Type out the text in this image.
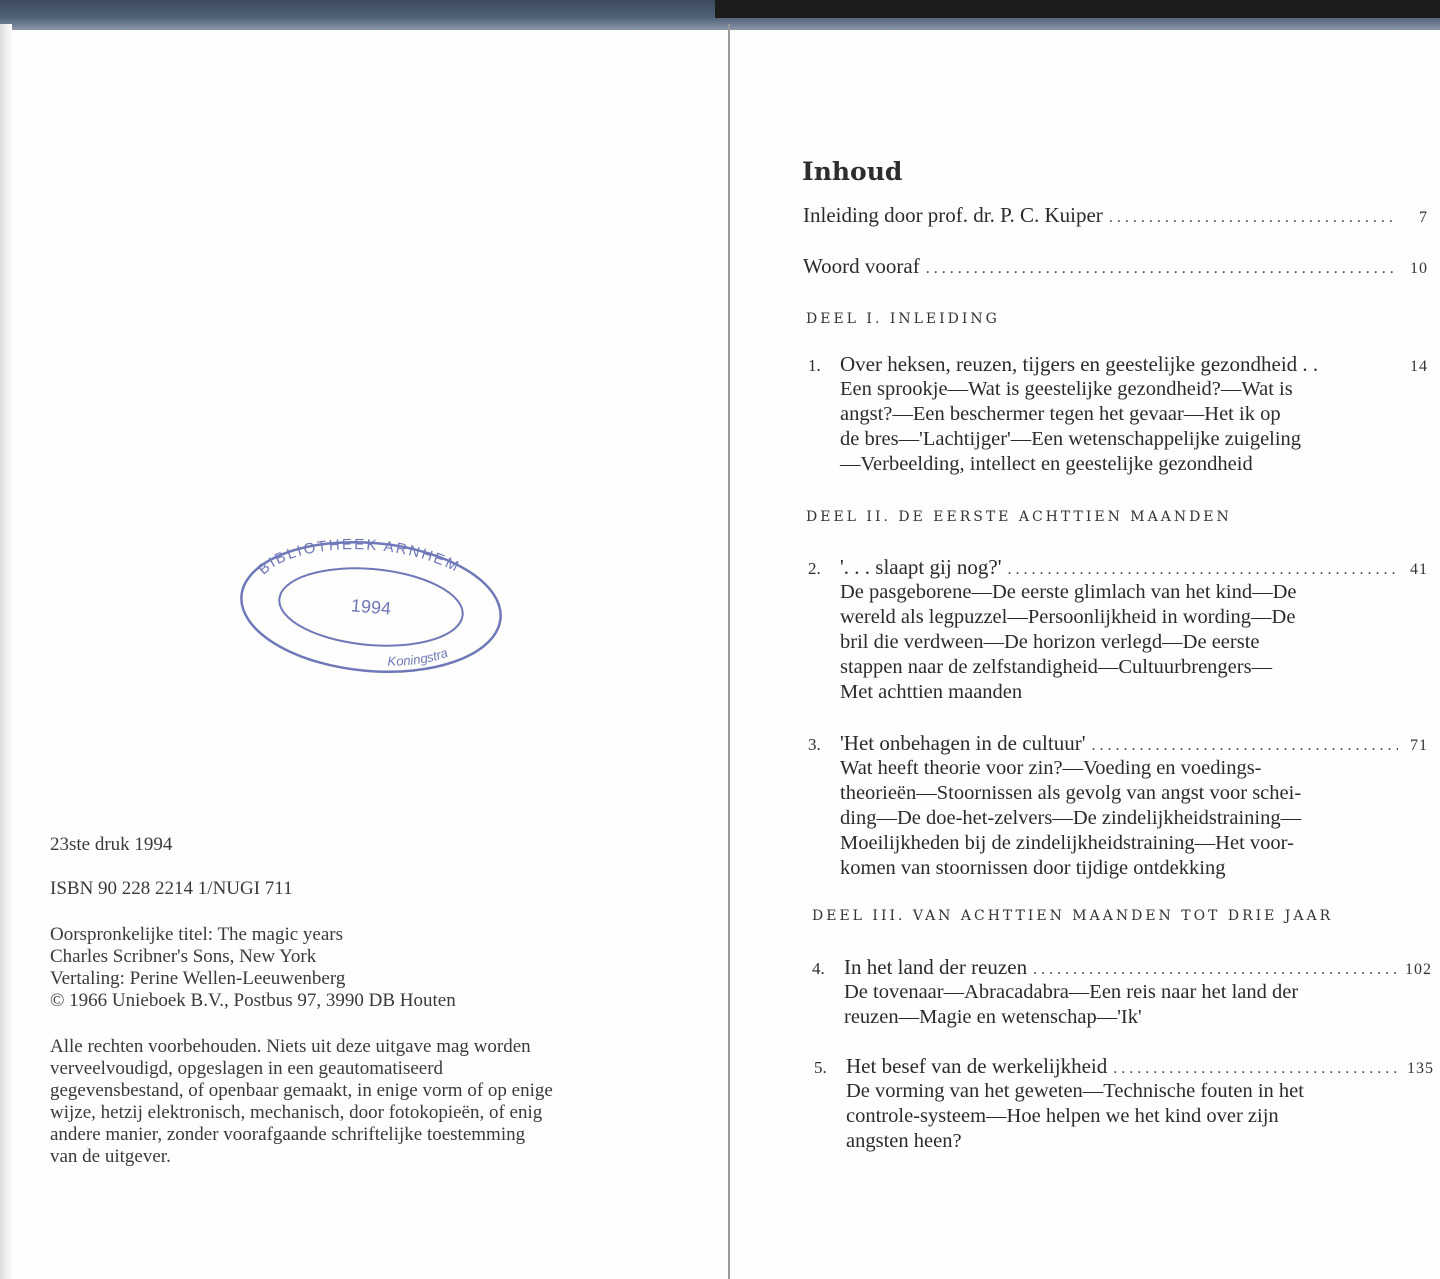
BIBLIOTHEEK ARNHEM
1994
Koningstraat
23ste druk 1994
ISBN 90 228 2214 1/NUGI 711
Oorspronkelijke titel: The magic years
Charles Scribner's Sons, New York
Vertaling: Perine Wellen-Leeuwenberg
© 1966 Unieboek B.V., Postbus 97, 3990 DB Houten
Alle rechten voorbehouden. Niets uit deze uitgave mag worden
verveelvoudigd, opgeslagen in een geautomatiseerd
gegevensbestand, of openbaar gemaakt, in enige vorm of op enige
wijze, hetzij elektronisch, mechanisch, door fotokopieën, of enig
andere manier, zonder voorafgaande schriftelijke toestemming
van de uitgever.
Inhoud
Inleiding door prof. dr. P. C. Kuiper .....	7
Woord vooraf .....	10
DEEL I. INLEIDING
1. Over heksen, reuzen, tijgers en geestelijke gezondheid . .	14
Een sprookje—Wat is geestelijke gezondheid?—Wat is
angst?—Een beschermer tegen het gevaar—Het ik op
de bres—'Lachtijger'—Een wetenschappelijke zuigeling
—Verbeelding, intellect en geestelijke gezondheid
DEEL II. DE EERSTE ACHTTIEN MAANDEN
2. '. . . slaapt gij nog?' .....	41
De pasgeborene—De eerste glimlach van het kind—De
wereld als legpuzzel—Persoonlijkheid in wording—De
bril die verdween—De horizon verlegd—De eerste
stappen naar de zelfstandigheid—Cultuurbrengers—
Met achttien maanden
3. 'Het onbehagen in de cultuur' .....	71
Wat heeft theorie voor zin?—Voeding en voedings-
theorieën—Stoornissen als gevolg van angst voor schei-
ding—De doe-het-zelvers—De zindelijkheidstraining—
Moeilijkheden bij de zindelijkheidstraining—Het voor-
komen van stoornissen door tijdige ontdekking
DEEL III. VAN ACHTTIEN MAANDEN TOT DRIE JAAR
4. In het land der reuzen .....	102
De tovenaar—Abracadabra—Een reis naar het land der
reuzen—Magie en wetenschap—'Ik'
5. Het besef van de werkelijkheid .....	135
De vorming van het geweten—Technische fouten in het
controle-systeem—Hoe helpen we het kind over zijn
angsten heen?
